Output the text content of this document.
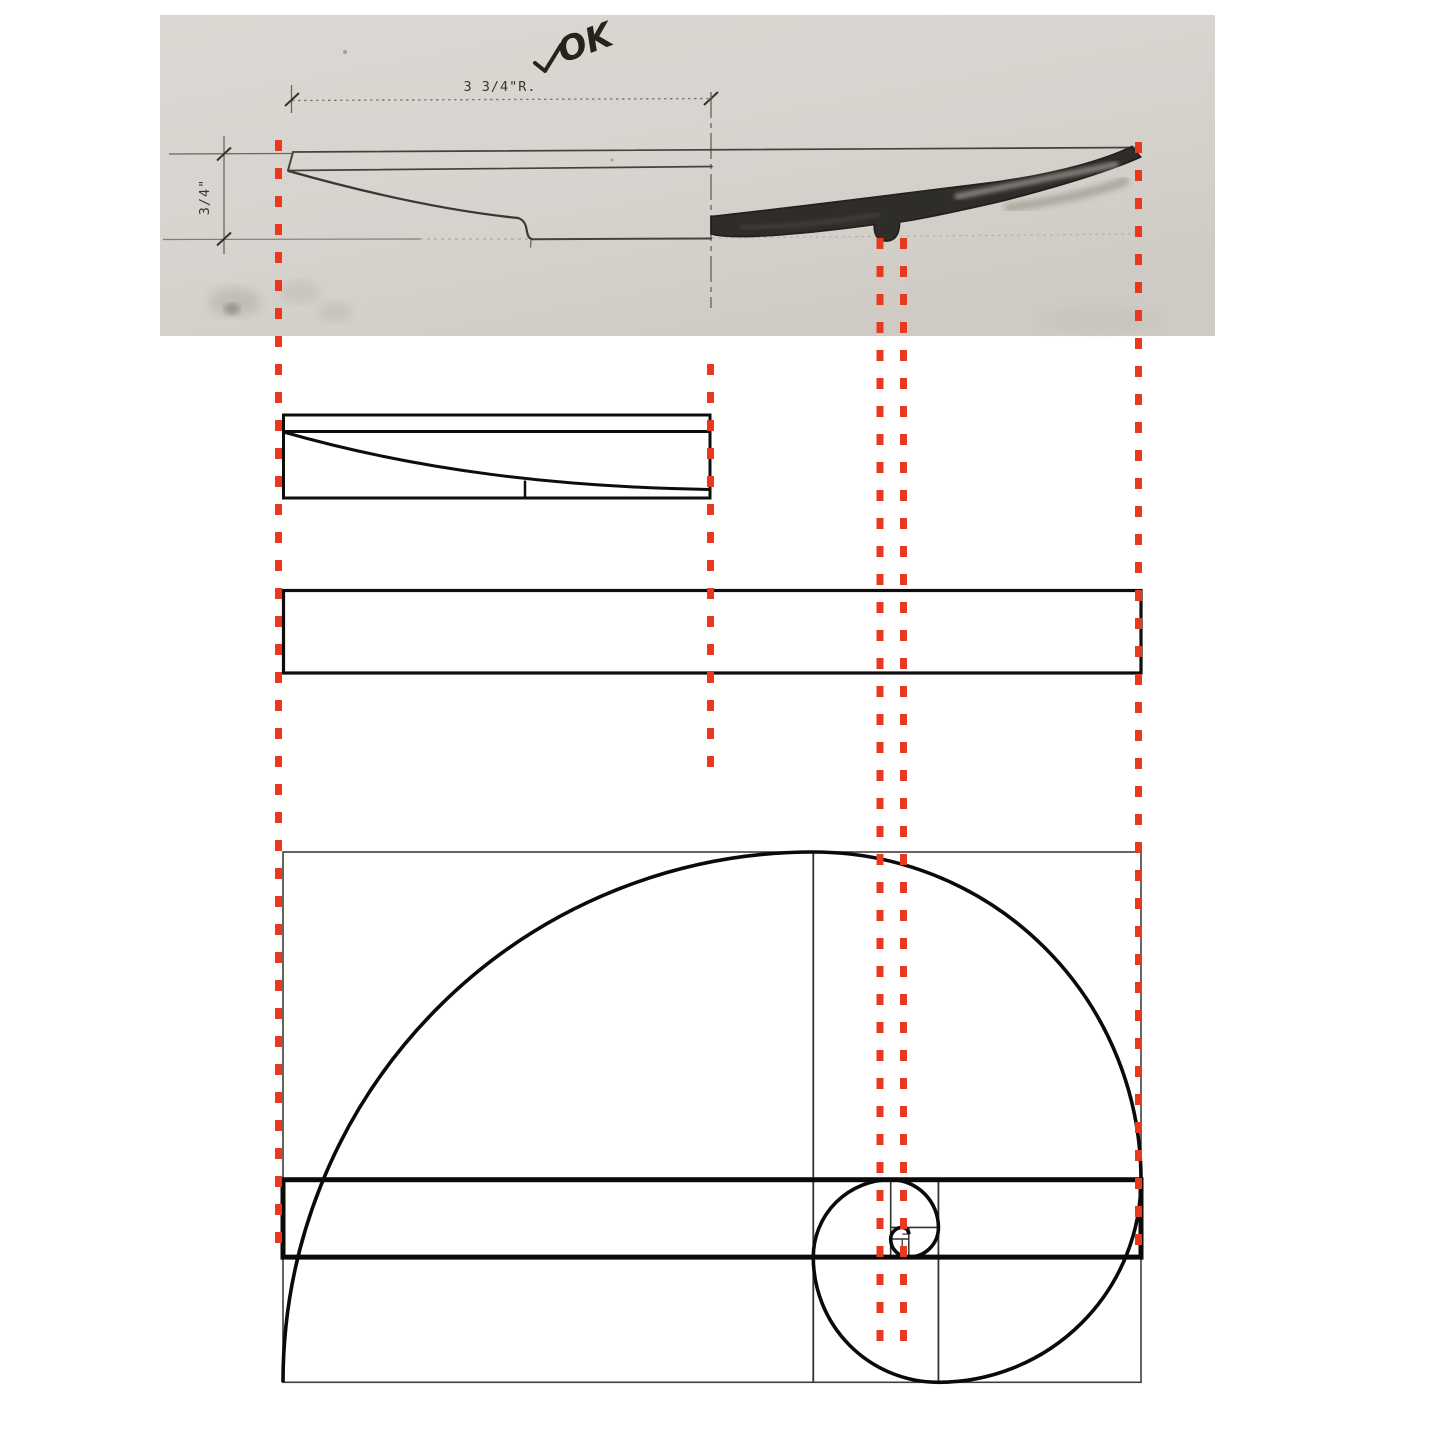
3 3/4"R.
3/4"
OK
